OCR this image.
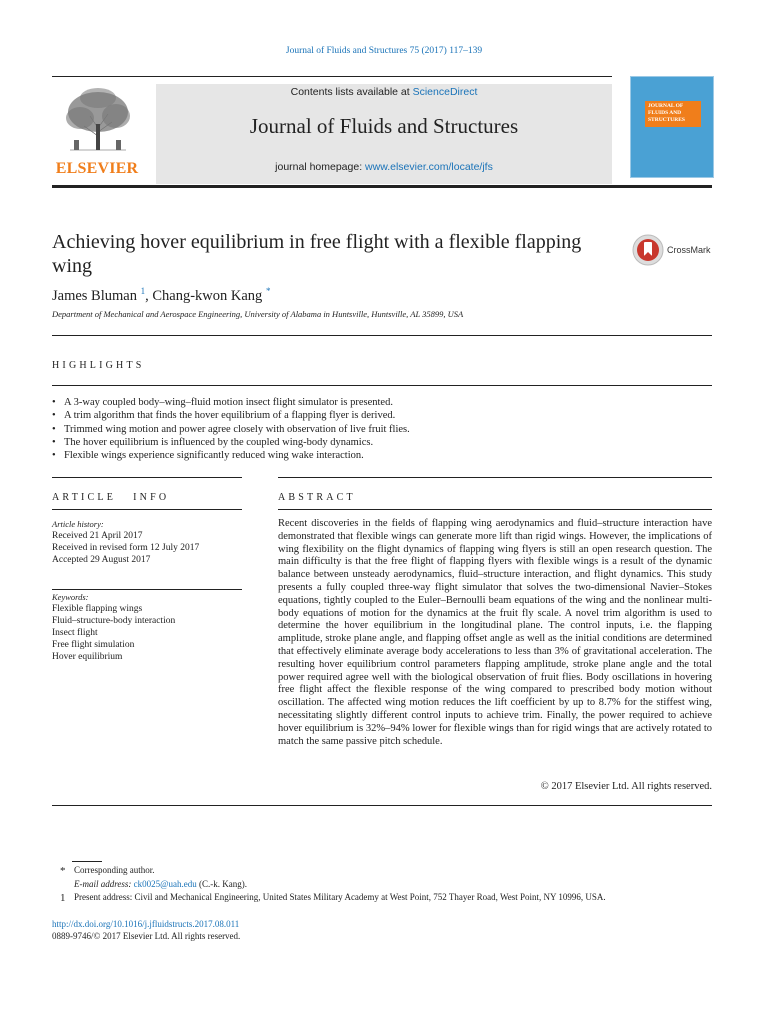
Journal of Fluids and Structures 75 (2017) 117–139
ELSEVIER
Contents lists available at ScienceDirect
Journal of Fluids and Structures
journal homepage: www.elsevier.com/locate/jfs
JOURNAL OF FLUIDS AND STRUCTURES
Achieving hover equilibrium in free flight with a flexible flapping wing
CrossMark
James Bluman $^1$, Chang-kwon Kang *
Department of Mechanical and Aerospace Engineering, University of Alabama in Huntsville, Huntsville, AL 35899, USA
HIGHLIGHTS
• A 3-way coupled body–wing–fluid motion insect flight simulator is presented.
• A trim algorithm that finds the hover equilibrium of a flapping flyer is derived.
• Trimmed wing motion and power agree closely with observation of live fruit flies.
• The hover equilibrium is influenced by the coupled wing-body dynamics.
• Flexible wings experience significantly reduced wing wake interaction.
ARTICLE   INFO	ABSTRACT
Article history:
Received 21 April 2017
Received in revised form 12 July 2017
Accepted 29 August 2017
Keywords:
Flexible flapping wings
Fluid–structure-body interaction
Insect flight
Free flight simulation
Hover equilibrium
Recent discoveries in the fields of flapping wing aerodynamics and fluid–structure interaction have demonstrated that flexible wings can generate more lift than rigid wings. However, the implications of wing flexibility on the flight dynamics of flapping wing flyers is still an open research question. The main difficulty is that the free flight of flapping flyers with flexible wings is a result of the dynamic balance between unsteady aerodynamics, fluid–structure interaction, and flight dynamics. This study presents a fully coupled three-way flight simulator that solves the two-dimensional Navier–Stokes equations, tightly coupled to the Euler–Bernoulli beam equations of the wing and the nonlinear multi-body equations of motion for the dynamics at the fruit fly scale. A novel trim algorithm is used to determine the hover equilibrium in the longitudinal plane. The control inputs, i.e. the flapping amplitude, stroke plane angle, and flapping offset angle as well as the initial conditions are determined that effectively eliminate average body accelerations to less than 3% of gravitational acceleration. The resulting hover equilibrium control parameters flapping amplitude, stroke plane angle and the total power required agree well with the biological observation of fruit flies. Body oscillations in hovering free flight affect the flexible response of the wing compared to prescribed body motion without oscillation. The affected wing motion reduces the lift coefficient by up to 8.7% for the stiffest wing, necessitating slightly different control inputs to achieve trim. Finally, the power required to achieve hover equilibrium is 32%–94% lower for flexible wings than for rigid wings that are actively rotated to match the same passive pitch schedule.
© 2017 Elsevier Ltd. All rights reserved.
* Corresponding author.
E-mail address: ck0025@uah.edu (C.-k. Kang).
1 Present address: Civil and Mechanical Engineering, United States Military Academy at West Point, 752 Thayer Road, West Point, NY 10996, USA.
http://dx.doi.org/10.1016/j.jfluidstructs.2017.08.011
0889-9746/© 2017 Elsevier Ltd. All rights reserved.
